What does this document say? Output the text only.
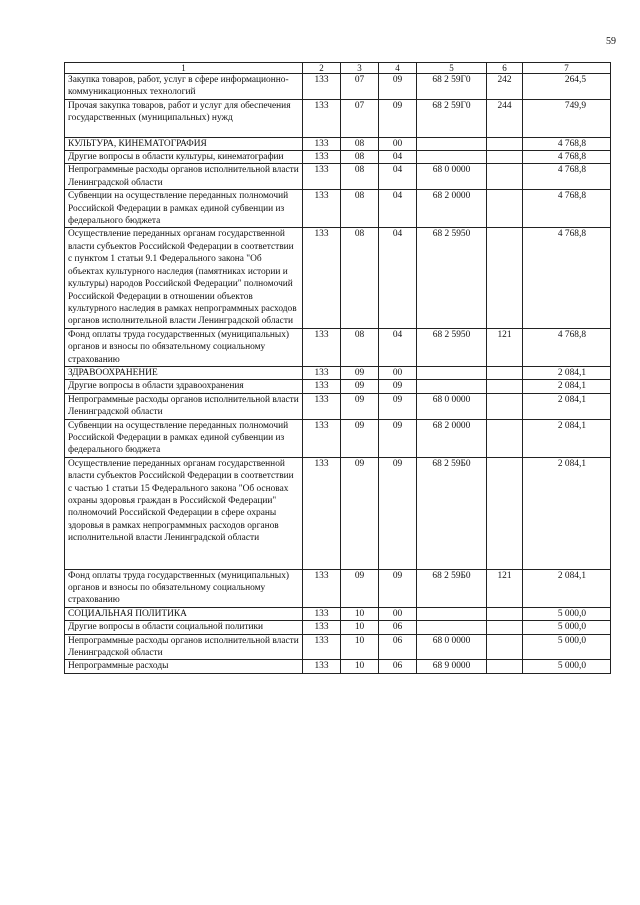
59
1	2	3	4	5	6	7
Закупка товаров, работ, услуг в сфере информационно-коммуникационных технологий	133	07	09	68 2 59Г0	242	264,5
Прочая закупка товаров, работ и услуг для обеспечения государственных (муниципальных) нужд	133	07	09	68 2 59Г0	244	749,9
КУЛЬТУРА, КИНЕМАТОГРАФИЯ	133	08	00			4 768,8
Другие вопросы в области культуры, кинематографии	133	08	04			4 768,8
Непрограммные расходы органов исполнительной власти Ленинградской области	133	08	04	68 0 0000		4 768,8
Субвенции на осуществление переданных полномочий Российской Федерации в рамках единой субвенции из федерального бюджета	133	08	04	68 2 0000		4 768,8
Осуществление переданных органам государственной власти субъектов Российской Федерации в соответствии с пунктом 1 статьи 9.1 Федерального закона "Об объектах культурного наследия (памятниках истории и культуры) народов Российской Федерации" полномочий Российской Федерации в отношении объектов культурного наследия в рамках непрограммных расходов органов исполнительной власти Ленинградской области	133	08	04	68 2 5950		4 768,8
Фонд оплаты труда государственных (муниципальных) органов и взносы по обязательному социальному страхованию	133	08	04	68 2 5950	121	4 768,8
ЗДРАВООХРАНЕНИЕ	133	09	00			2 084,1
Другие вопросы в области здравоохранения	133	09	09			2 084,1
Непрограммные расходы органов исполнительной власти Ленинградской области	133	09	09	68 0 0000		2 084,1
Субвенции на осуществление переданных полномочий Российской Федерации в рамках единой субвенции из федерального бюджета	133	09	09	68 2 0000		2 084,1
Осуществление переданных органам государственной власти субъектов Российской Федерации в соответствии с частью 1 статьи 15 Федерального закона "Об основах охраны здоровья граждан в Российской Федерации" полномочий Российской Федерации в сфере охраны здоровья в рамках непрограммных расходов органов исполнительной власти Ленинградской области	133	09	09	68 2 59Б0		2 084,1
Фонд оплаты труда государственных (муниципальных) органов и взносы по обязательному социальному страхованию	133	09	09	68 2 59Б0	121	2 084,1
СОЦИАЛЬНАЯ ПОЛИТИКА	133	10	00			5 000,0
Другие вопросы в области социальной политики	133	10	06			5 000,0
Непрограммные расходы органов исполнительной власти Ленинградской области	133	10	06	68 0 0000		5 000,0
Непрограммные расходы	133	10	06	68 9 0000		5 000,0
